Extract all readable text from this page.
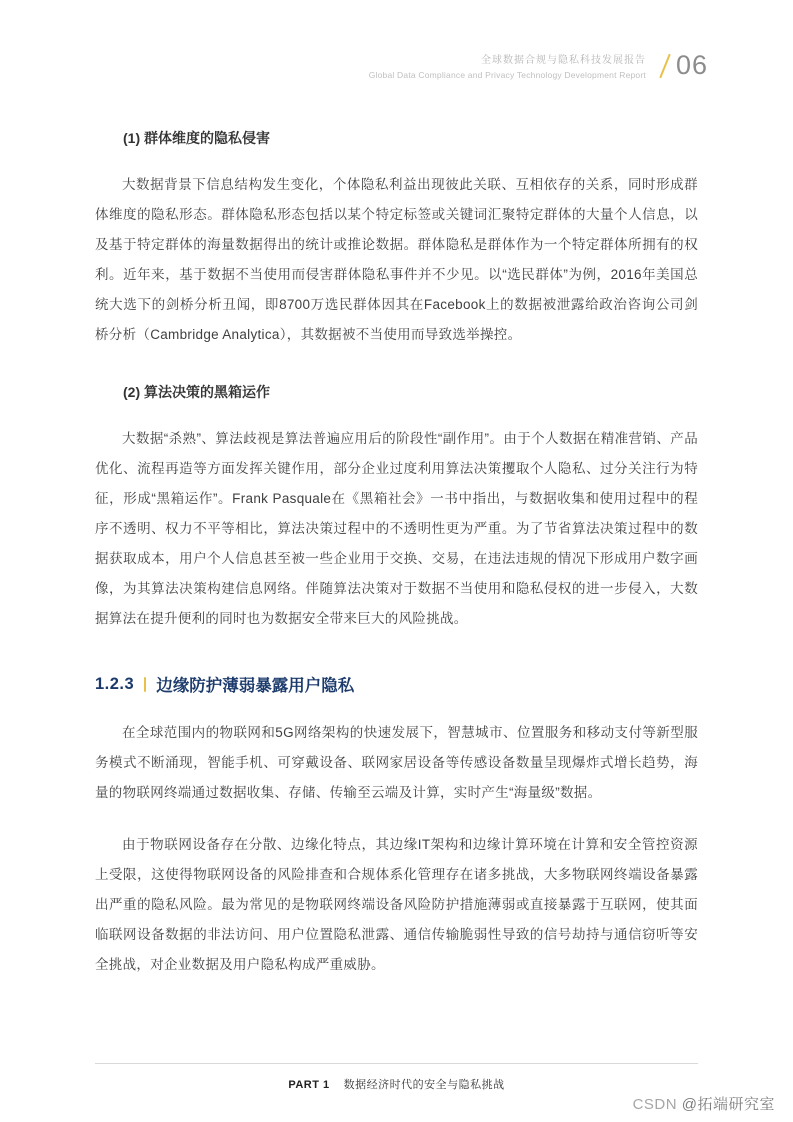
全球数据合规与隐私科技发展报告
Global Data Compliance and Privacy Technology Development Report 06
(1) 群体维度的隐私侵害

大数据背景下信息结构发生变化，个体隐私利益出现彼此关联、互相依存的关系，同时形成群体维度的隐私形态。群体隐私形态包括以某个特定标签或关键词汇聚特定群体的大量个人信息，以及基于特定群体的海量数据得出的统计或推论数据。群体隐私是群体作为一个特定群体所拥有的权利。近年来，基于数据不当使用而侵害群体隐私事件并不少见。以“选民群体”为例，2016年美国总统大选下的剑桥分析丑闻，即8700万选民群体因其在Facebook上的数据被泄露给政治咨询公司剑桥分析（Cambridge Analytica），其数据被不当使用而导致选举操控。

(2) 算法决策的黑箱运作

大数据“杀熟”、算法歧视是算法普遍应用后的阶段性“副作用”。由于个人数据在精准营销、产品优化、流程再造等方面发挥关键作用，部分企业过度利用算法决策攫取个人隐私、过分关注行为特征，形成“黑箱运作”。Frank Pasquale在《黑箱社会》一书中指出，与数据收集和使用过程中的程序不透明、权力不平等相比，算法决策过程中的不透明性更为严重。为了节省算法决策过程中的数据获取成本，用户个人信息甚至被一些企业用于交换、交易，在违法违规的情况下形成用户数字画像，为其算法决策构建信息网络。伴随算法决策对于数据不当使用和隐私侵权的进一步侵入，大数据算法在提升便利的同时也为数据安全带来巨大的风险挑战。

1.2.3 边缘防护薄弱暴露用户隐私

在全球范围内的物联网和5G网络架构的快速发展下，智慧城市、位置服务和移动支付等新型服务模式不断涌现，智能手机、可穿戴设备、联网家居设备等传感设备数量呈现爆炸式增长趋势，海量的物联网终端通过数据收集、存储、传输至云端及计算，实时产生“海量级”数据。

由于物联网设备存在分散、边缘化特点，其边缘IT架构和边缘计算环境在计算和安全管控资源上受限，这使得物联网设备的风险排查和合规体系化管理存在诸多挑战，大多物联网终端设备暴露出严重的隐私风险。最为常见的是物联网终端设备风险防护措施薄弱或直接暴露于互联网，使其面临联网设备数据的非法访问、用户位置隐私泄露、通信传输脆弱性导致的信号劫持与通信窃听等安全挑战，对企业数据及用户隐私构成严重威胁。

PART 1 数据经济时代的安全与隐私挑战
CSDN @拓端研究室
